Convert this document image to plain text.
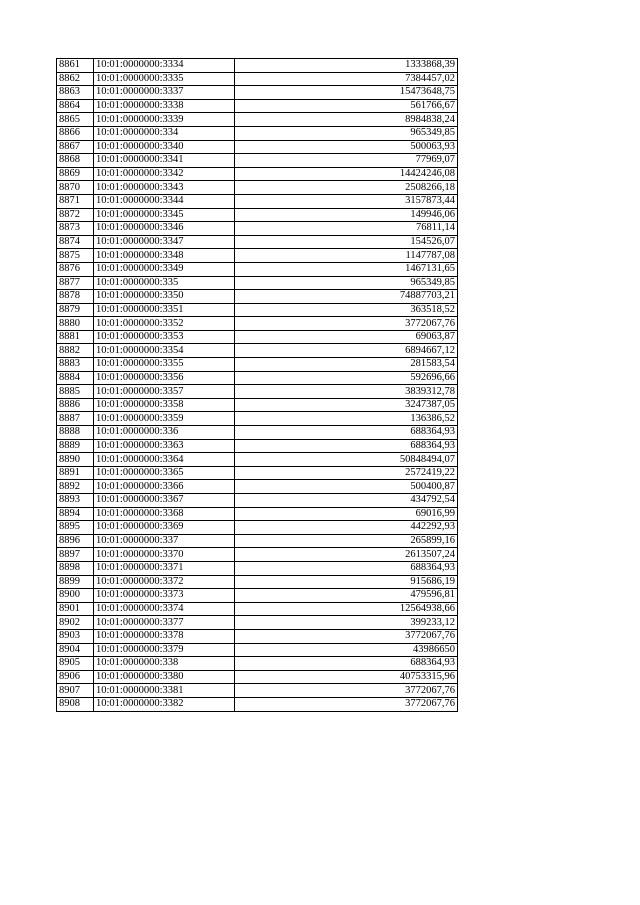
8861	10:01:0000000:3334	1333868,39
8862	10:01:0000000:3335	7384457,02
8863	10:01:0000000:3337	15473648,75
8864	10:01:0000000:3338	561766,67
8865	10:01:0000000:3339	8984838,24
8866	10:01:0000000:334	965349,85
8867	10:01:0000000:3340	500063,93
8868	10:01:0000000:3341	77969,07
8869	10:01:0000000:3342	14424246,08
8870	10:01:0000000:3343	2508266,18
8871	10:01:0000000:3344	3157873,44
8872	10:01:0000000:3345	149946,06
8873	10:01:0000000:3346	76811,14
8874	10:01:0000000:3347	154526,07
8875	10:01:0000000:3348	1147787,08
8876	10:01:0000000:3349	1467131,65
8877	10:01:0000000:335	965349,85
8878	10:01:0000000:3350	74887703,21
8879	10:01:0000000:3351	363518,52
8880	10:01:0000000:3352	3772067,76
8881	10:01:0000000:3353	69063,87
8882	10:01:0000000:3354	6894667,12
8883	10:01:0000000:3355	281583,54
8884	10:01:0000000:3356	592696,66
8885	10:01:0000000:3357	3839312,78
8886	10:01:0000000:3358	3247387,05
8887	10:01:0000000:3359	136386,52
8888	10:01:0000000:336	688364,93
8889	10:01:0000000:3363	688364,93
8890	10:01:0000000:3364	50848494,07
8891	10:01:0000000:3365	2572419,22
8892	10:01:0000000:3366	500400,87
8893	10:01:0000000:3367	434792,54
8894	10:01:0000000:3368	69016,99
8895	10:01:0000000:3369	442292,93
8896	10:01:0000000:337	265899,16
8897	10:01:0000000:3370	2613507,24
8898	10:01:0000000:3371	688364,93
8899	10:01:0000000:3372	915686,19
8900	10:01:0000000:3373	479596,81
8901	10:01:0000000:3374	12564938,66
8902	10:01:0000000:3377	399233,12
8903	10:01:0000000:3378	3772067,76
8904	10:01:0000000:3379	43986650
8905	10:01:0000000:338	688364,93
8906	10:01:0000000:3380	40753315,96
8907	10:01:0000000:3381	3772067,76
8908	10:01:0000000:3382	3772067,76
